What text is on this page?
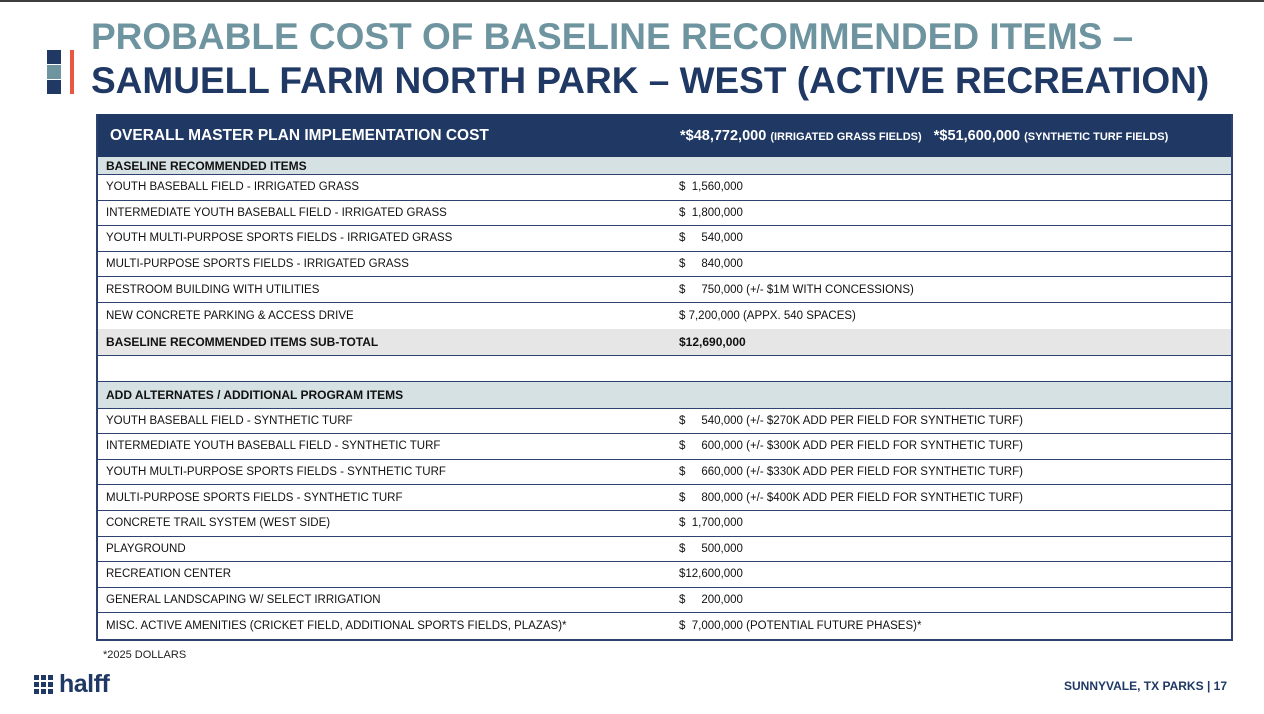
PROBABLE COST OF BASELINE RECOMMENDED ITEMS –
SAMUELL FARM NORTH PARK – WEST (ACTIVE RECREATION)
OVERALL MASTER PLAN IMPLEMENTATION COST	*$48,772,000 (IRRIGATED GRASS FIELDS) *$51,600,000 (SYNTHETIC TURF FIELDS)
BASELINE RECOMMENDED ITEMS
YOUTH BASEBALL FIELD - IRRIGATED GRASS	$  1,560,000
INTERMEDIATE YOUTH BASEBALL FIELD - IRRIGATED GRASS	$  1,800,000
YOUTH MULTI-PURPOSE SPORTS FIELDS - IRRIGATED GRASS	$     540,000
MULTI-PURPOSE SPORTS FIELDS - IRRIGATED GRASS	$     840,000
RESTROOM BUILDING WITH UTILITIES	$     750,000 (+/- $1M WITH CONCESSIONS)
NEW CONCRETE PARKING & ACCESS DRIVE	$ 7,200,000 (APPX. 540 SPACES)
BASELINE RECOMMENDED ITEMS SUB-TOTAL	$12,690,000
ADD ALTERNATES / ADDITIONAL PROGRAM ITEMS
YOUTH BASEBALL FIELD - SYNTHETIC TURF	$     540,000 (+/- $270K ADD PER FIELD FOR SYNTHETIC TURF)
INTERMEDIATE YOUTH BASEBALL FIELD - SYNTHETIC TURF	$     600,000 (+/- $300K ADD PER FIELD FOR SYNTHETIC TURF)
YOUTH MULTI-PURPOSE SPORTS FIELDS - SYNTHETIC TURF	$     660,000 (+/- $330K ADD PER FIELD FOR SYNTHETIC TURF)
MULTI-PURPOSE SPORTS FIELDS - SYNTHETIC TURF	$     800,000 (+/- $400K ADD PER FIELD FOR SYNTHETIC TURF)
CONCRETE TRAIL SYSTEM (WEST SIDE)	$  1,700,000
PLAYGROUND	$     500,000
RECREATION CENTER	$12,600,000
GENERAL LANDSCAPING W/ SELECT IRRIGATION	$     200,000
MISC. ACTIVE AMENITIES (CRICKET FIELD, ADDITIONAL SPORTS FIELDS, PLAZAS)*	$  7,000,000 (POTENTIAL FUTURE PHASES)*
*2025 DOLLARS
halff	SUNNYVALE, TX PARKS | 17
